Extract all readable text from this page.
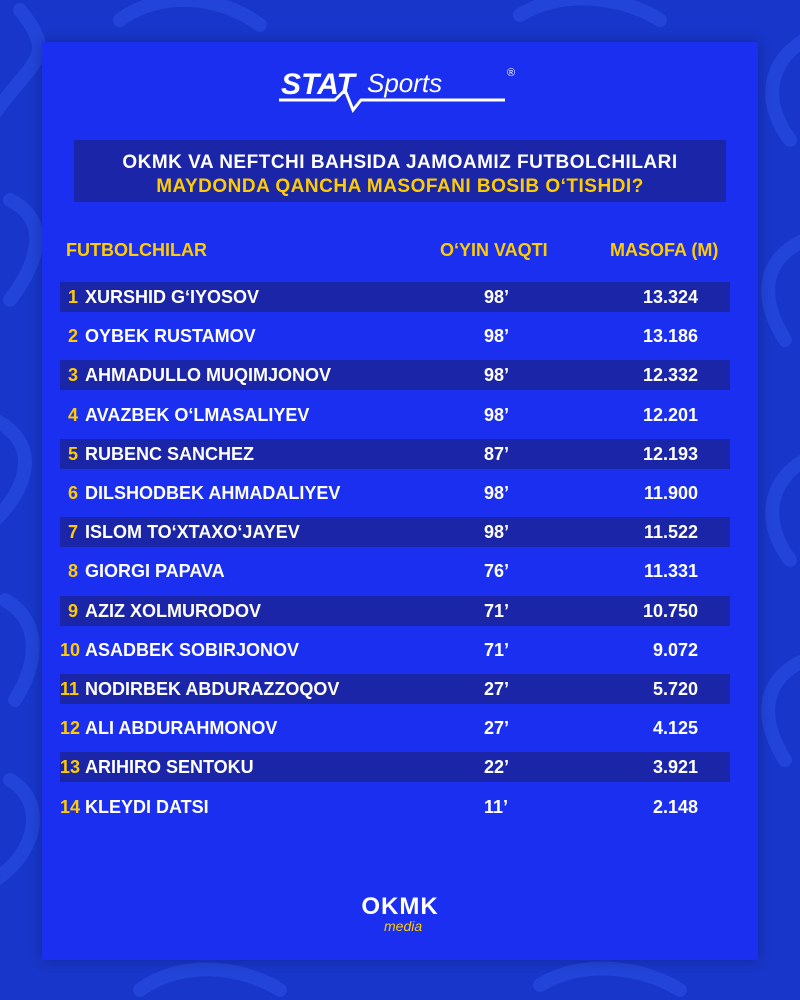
STAT Sports	®
OKMK VA NEFTCHI BAHSIDA JAMOAMIZ FUTBOLCHILARI
MAYDONDA QANCHA MASOFANI BOSIB O‘TISHDI?
FUTBOLCHILAR	O‘YIN VAQTI	MASOFA (M)
1 XURSHID G‘IYOSOV	98’	13.324
2 OYBEK RUSTAMOV	98’	13.186
3 AHMADULLO MUQIMJONOV	98’	12.332
4 AVAZBEK O‘LMASALIYEV	98’	12.201
5 RUBENC SANCHEZ	87’	12.193
6 DILSHODBEK AHMADALIYEV	98’	11.900
7 ISLOM TO‘XTAXO‘JAYEV	98’	11.522
8 GIORGI PAPAVA	76’	11.331
9 AZIZ XOLMURODOV	71’	10.750
10 ASADBEK SOBIRJONOV	71’	9.072
11 NODIRBEK ABDURAZZOQOV	27’	5.720
12 ALI ABDURAHMONOV	27’	4.125
13 ARIHIRO SENTOKU	22’	3.921
14 KLEYDI DATSI	11’	2.148
OKMK
media
